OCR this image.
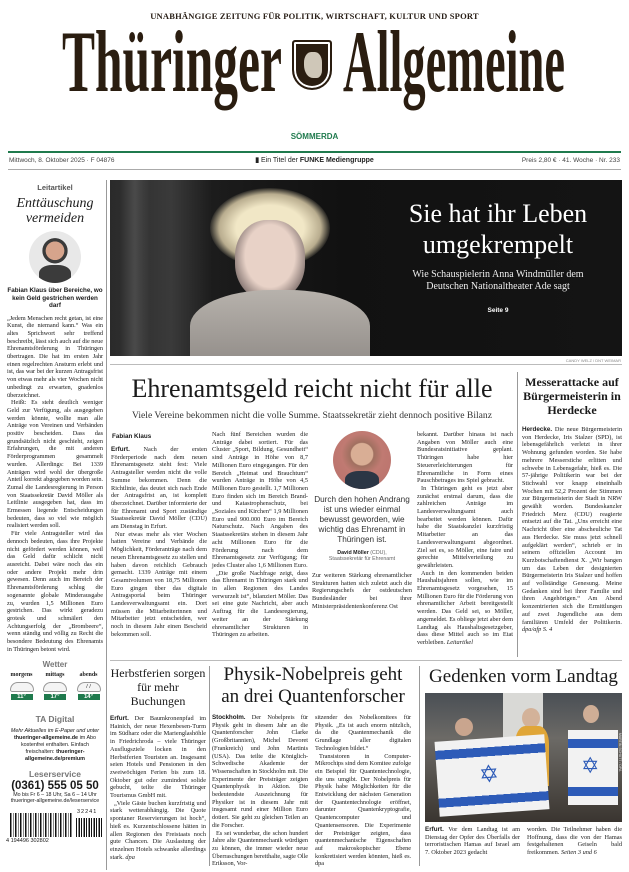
UNABHÄNGIGE ZEITUNG FÜR POLITIK, WIRTSCHAFT, KULTUR UND SPORT
Thüringer Allgemeine
SÖMMERDA
Mittwoch, 8. Oktober 2025 · F 04876	▮ Ein Titel der FUNKE Mediengruppe	Preis 2,80 € · 41. Woche · Nr. 233
Leitartikel
Enttäuschung vermeiden
Fabian Klaus über Bereiche, wo kein Geld gestrichen werden darf

„Jedem Menschen recht getan, ist eine Kunst, die niemand kann.“ Was ein altes Sprichwort sehr treffend beschreibt, lässt sich auch auf die neue Ehrenamtsförderung in Thüringen übertragen. Die hat im ersten Jahr einen regelrechten Ansturm erlebt und ist, das war bei der kurzen Antragsfrist von etwas mehr als vier Wochen nicht unbedingt zu erwarten, gnadenlos überzeichnet.

Heißt: Es steht deutlich weniger Geld zur Verfügung, als ausgegeben werden könnte, wollte man alle Anträge von Vereinen und Verbänden positiv bescheiden. Dass das grundsätzlich nicht geschieht, zeigen Erfahrungen, die mit anderen Förderprogrammen gesammelt wurden. Allerdings: Bei 1339 Anträgen wird wohl der übergroße Anteil korrekt abgegeben worden sein. Zumal die Landesregierung in Person von Staatssekretär David Möller als Leitlinie ausgegeben hat, dass im Ermessen liegende Entscheidungen bedeuten, dass so viel wie möglich realisiert werden soll.

Für viele Antragsteller wird das dennoch bedeuten, dass ihre Projekte nicht gefördert werden können, weil das Geld dafür schlicht nicht ausreicht. Dabei wäre noch das ein oder andere Projekt mehr drin gewesen. Denn auch im Bereich der Ehrenamtsförderung schlug die sogenannte globale Minderausgabe zu, wurden 1,5 Millionen Euro gestrichen. Das wirkt geradezu grotesk und schmälert den Achtungserfolg der „Brombeere“, wenn ständig und völlig zu Recht die besondere Bedeutung des Ehrenamts in Thüringen betont wird.

Wetter
morgens
11°
mittags
17°
abends
/ /
14°
TA Digital
Mehr Aktuelles im E-Paper und unter thueringer-allgemeine.de im Abo kostenfrei enthalten. Einfach freischalten: thueringer-allgemeine.de/premium
Leserservice
(0361) 555 05 50
Mo bis Fr 6 – 18 Uhr, Sa 6 – 14 Uhr
thueringer-allgemeine.de/leserservice
32241
4 194496 302802
Sie hat ihr Leben umgekrempelt
Wie Schauspielerin Anna Windmüller dem Deutschen Nationaltheater Ade sagt
Seite 9
CANDY WELZ / DNT WEIMAR
Ehrenamtsgeld reicht nicht für alle
Viele Vereine bekommen nicht die volle Summe. Staatssekretär zieht dennoch positive Bilanz
Fabian Klaus

Erfurt. Nach der ersten Förderperiode nach dem neuen Ehrenamtsgesetz steht fest: Viele Antragsteller werden nicht die volle Summe bekommen. Denn die Richtlinie, das deutet sich nach Ende der Antragsfrist an, ist komplett überzeichnet. Darüber informierte der für Ehrenamt und Sport zuständige Staatssekretär David Möller (CDU) am Dienstag in Erfurt.

Nur etwas mehr als vier Wochen hatten Vereine und Verbände die Möglichkeit, Förderanträge nach dem neuen Ehrenamtsgesetz zu stellen und haben davon reichlich Gebrauch gemacht. 1339 Anträge mit einem Gesamtvolumen von 18,75 Millionen Euro gingen über das digitale Antragsportal beim Thüringer Landesverwaltungsamt ein. Dort müssen die Mitarbeiterinnen und Mitarbeiter jetzt entscheiden, wer noch in diesem Jahr einen Bescheid bekommen soll.

Nach fünf Bereichen wurden die Anträge dabei sortiert. Für das Cluster „Sport, Bildung, Gesundheit“ sind Anträge in Höhe von 8,7 Millionen Euro eingegangen. Für den Bereich „Heimat und Brauchtum“ wurden Anträge in Höhe von 4,5 Millionen Euro gestellt. 1,7 Millionen Euro finden sich im Bereich Brand- und Katastrophenschutz, bei „Soziales und Kirchen“ 1,9 Millionen Euro und 900.000 Euro im Bereich Naturschutz. Nach Angaben des Staatssekretärs stehen in diesem Jahr acht Millionen Euro für die Förderung nach dem Ehrenamtsgesetz zur Verfügung; für jedes Cluster also 1,6 Millionen Euro.

„Die große Nachfrage zeigt, dass das Ehrenamt in Thüringen stark und in allen Regionen des Landes verwurzelt ist“, bilanziert Möller. Das sei eine gute Nachricht, aber auch Auftrag für die Landesregierung, weiter an der Stärkung ehrenamtlicher Strukturen in Thüringen zu arbeiten.

Durch den hohen Andrang ist uns wieder einmal bewusst geworden, wie wichtig das Ehrenamt in Thüringen ist.
David Möller (CDU),
Staatssekretär für Ehrenamt

Zur weiteren Stärkung ehrenamtlicher Strukturen hatten sich zuletzt auch die Regierungschefs der ostdeutschen Bundesländer bei ihrer Ministerpräsidentenkonferenz Ost

bekannt. Darüber hinaus ist nach Angaben von Möller auch eine Bundesratsinitiative geplant. Thüringen habe hier Steuererleichterungen für Ehrenamtliche in Form eines Pauschbetrages ins Spiel gebracht.

In Thüringen geht es jetzt aber zunächst erstmal darum, dass die zahlreichen Anträge im Landesverwaltungsamt auch bearbeitet werden können. Dafür habe die Staatskanzlei kurzfristig Mitarbeiter an das Landesverwaltungsamt abgeordnet. Ziel sei es, so Möller, eine faire und gerechte Mittelverteilung zu gewährleisten.

Auch in den kommenden beiden Haushaltsjahren sollen, wie im Ehrenamtsgesetz vorgesehen, 15 Millionen Euro für die Förderung von ehrenamtlicher Arbeit bereitgestellt werden. Das Geld sei, so Möller, angemeldet. Es obliege jetzt aber dem Landtag als Haushaltsgesetzgeber, dass diese Mittel auch so im Etat verbleiben. Leitartikel

Messerattacke auf Bürgermeisterin in Herdecke

Herdecke. Die neue Bürgermeisterin von Herdecke, Iris Stalzer (SPD), ist lebensgefährlich verletzt in ihrer Wohnung gefunden worden. Sie habe mehrere Messerstiche erlitten und schwebe in Lebensgefahr, hieß es. Die 57-jährige Politikerin war bei der Stichwahl vor knapp eineinhalb Wochen mit 52,2 Prozent der Stimmen zur Bürgermeisterin der Stadt in NRW gewählt worden. Bundeskanzler Friedrich Merz (CDU) reagierte entsetzt auf die Tat. „Uns erreicht eine Nachricht über eine abscheuliche Tat aus Herdecke. Sie muss jetzt schnell aufgeklärt werden“, schrieb er in seinem offiziellen Account im Kurzbotschaftendienst X. „Wir bangen um das Leben der designierten Bürgermeisterin Iris Stalzer und hoffen auf vollständige Genesung. Meine Gedanken sind bei ihrer Familie und ihren Angehörigen.“ Am Abend konzentrierten sich die Ermittlungen auf zwei Jugendliche aus dem familiären Umfeld der Politikerin. dpa/afp S. 4

Herbstferien sorgen für mehr Buchungen

Erfurt. Der Baumkronenpfad im Hainich, der neue Hexenbesen-Turm im Südharz oder die Marienglashöhle in Friedrichroda – viele Thüringer Ausflugsziele locken in den Herbstferien Touristen an. Insgesamt seien Hotels und Pensionen in den zweiwöchigen Ferien bis zum 18. Oktober gut oder zumindest solide gebucht, teilte die Thüringer Tourismus GmbH mit.

„Viele Gäste buchen kurzfristig und stark wetterabhängig. Die Quote spontaner Reservierungen ist hoch“, hieß es. Kurzentschlossene hätten in allen Regionen des Freistaats noch gute Chancen. Die Auslastung der einzelnen Hotels schwanke allerdings stark. dpa

Physik-Nobelpreis geht an drei Quantenforscher

Stockholm. Der Nobelpreis für Physik geht in diesem Jahr an die Quantenforscher John Clarke (Großbritannien), Michel Devoret (Frankreich) und John Martinis (USA). Das teilte die Königlich-Schwedische Akademie der Wissenschaften in Stockholm mit. Die Experimente der Preisträger zeigten Quantenphysik in Aktion. Die bedeutendste Auszeichnung für Physiker ist in diesem Jahr mit insgesamt rund einer Million Euro dotiert. Sie geht zu gleichen Teilen an die Forscher.

Es sei wunderbar, die schon hundert Jahre alte Quantenmechanik würdigen zu können, die immer wieder neue Überraschungen bereithalte, sagte Olle Eriksson, Vor-

sitzender des Nobelkomitees für Physik. „Es ist auch enorm nützlich, da die Quantenmechanik die Grundlage aller digitalen Technologien bildet.“

Transistoren in Computer-Mikrochips sind dem Komitee zufolge ein Beispiel für Quantentechnologie, die uns umgibt. Der Nobelpreis für Physik habe Möglichkeiten für die Entwicklung der nächsten Generation der Quantentechnologie eröffnet, darunter Quantenkryptografie, Quantencomputer und Quantensensoren. Die Experimente der Preisträger zeigten, dass quantenmechanische Eigenschaften auf makroskopischer Ebene konkretisiert werden könnten, hieß es. dpa

Gedenken vorm Landtag
✡	✡	MARTIN SCHUTT / DPA

Erfurt. Vor dem Landtag ist am Dienstag der Opfer des Überfalls der terroristischen Hamas auf Israel am 7. Oktober 2023 gedacht

worden. Die Teilnehmer haben die Hoffnung, dass die von der Hamas festgehaltenen Geiseln bald freikommen. Seiten 3 und 6
